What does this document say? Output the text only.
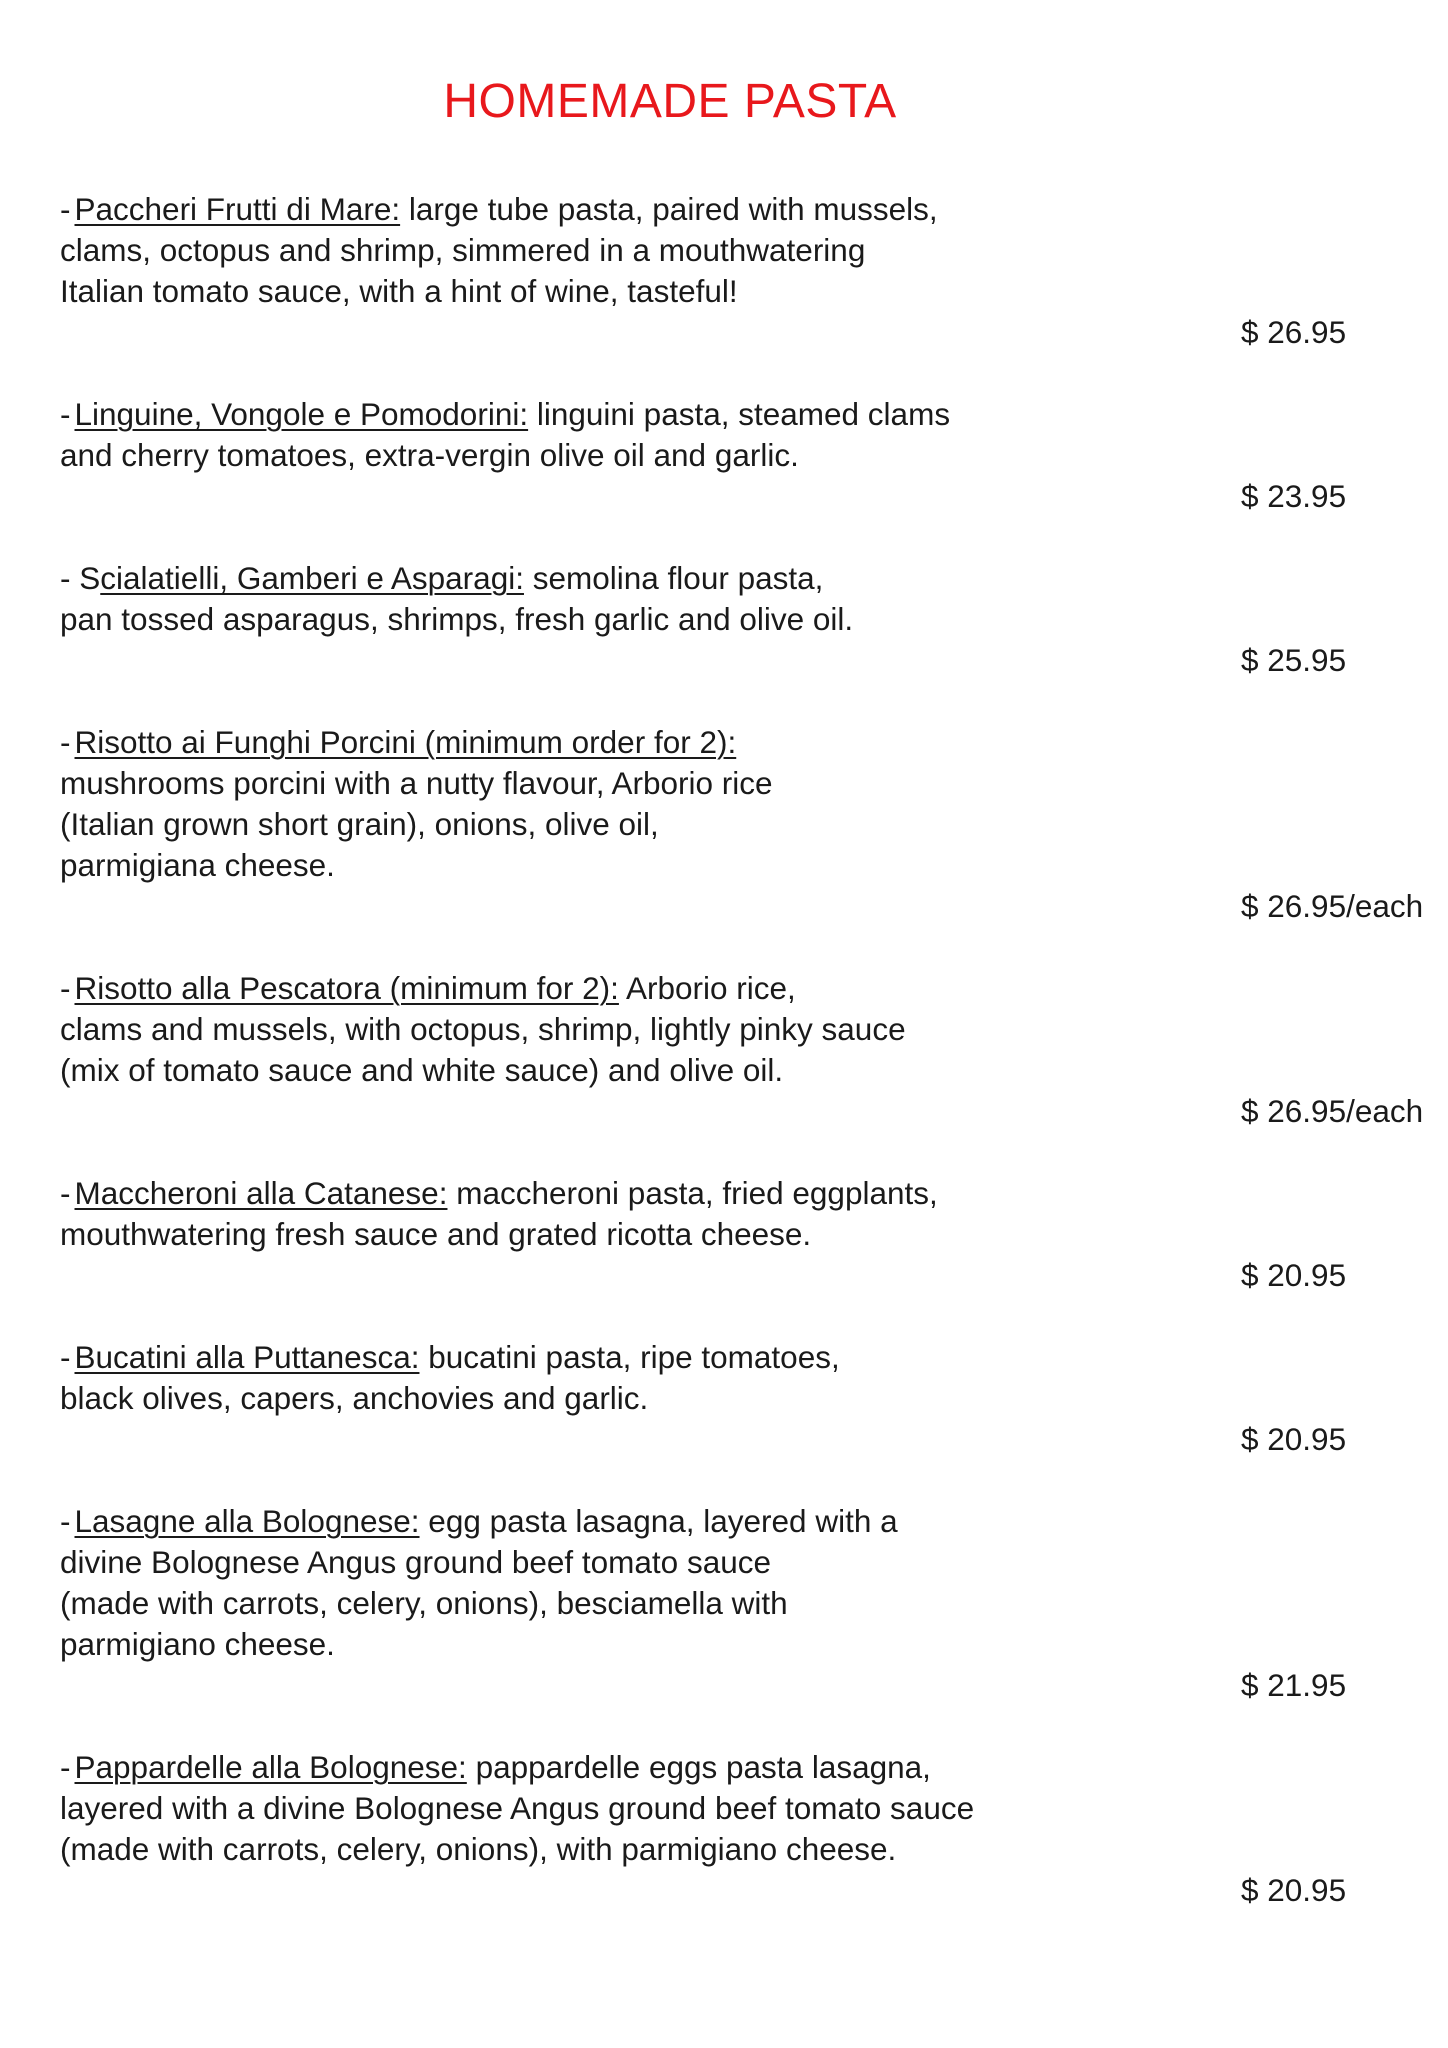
HOMEMADE PASTA
- Paccheri Frutti di Mare: large tube pasta, paired with mussels,
clams, octopus and shrimp, simmered in a mouthwatering
Italian tomato sauce, with a hint of wine, tasteful!
$ 26.95
- Linguine, Vongole e Pomodorini: linguini pasta, steamed clams
and cherry tomatoes, extra-vergin olive oil and garlic.
$ 23.95
- Scialatielli, Gamberi e Asparagi: semolina flour pasta,
pan tossed asparagus, shrimps, fresh garlic and olive oil.
$ 25.95
- Risotto ai Funghi Porcini (minimum order for 2):
mushrooms porcini with a nutty flavour, Arborio rice
(Italian grown short grain), onions, olive oil,
parmigiana cheese.
$ 26.95/each
- Risotto alla Pescatora (minimum for 2): Arborio rice,
clams and mussels, with octopus, shrimp, lightly pinky sauce
(mix of tomato sauce and white sauce) and olive oil.
$ 26.95/each
- Maccheroni alla Catanese: maccheroni pasta, fried eggplants,
mouthwatering fresh sauce and grated ricotta cheese.
$ 20.95
- Bucatini alla Puttanesca: bucatini pasta, ripe tomatoes,
black olives, capers, anchovies and garlic.
$ 20.95
- Lasagne alla Bolognese: egg pasta lasagna, layered with a
divine Bolognese Angus ground beef tomato sauce
(made with carrots, celery, onions), besciamella with
parmigiano cheese.
$ 21.95
- Pappardelle alla Bolognese: pappardelle eggs pasta lasagna,
layered with a divine Bolognese Angus ground beef tomato sauce
(made with carrots, celery, onions), with parmigiano cheese.
$ 20.95
